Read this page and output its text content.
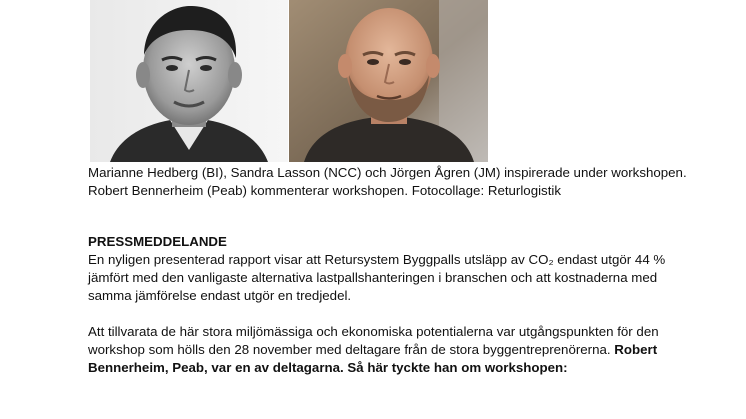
Marianne Hedberg (BI), Sandra Lasson (NCC) och Jörgen Ågren (JM) inspirerade under workshopen. Robert Bennerheim (Peab) kommenterar workshopen. Fotocollage: Returlogistik

PRESSMEDDELANDE

En nyligen presenterad rapport visar att Retursystem Byggpalls utsläpp av CO₂ endast utgör 44 % jämfört med den vanligaste alternativa lastpallshanteringen i branschen och att kostnaderna med samma jämförelse endast utgör en tredjedel.

Att tillvarata de här stora miljömässiga och ekonomiska potentialerna var utgångspunkten för den workshop som hölls den 28 november med deltagare från de stora byggentreprenörerna. Robert Bennerheim, Peab, var en av deltagarna. Så här tyckte han om workshopen:
